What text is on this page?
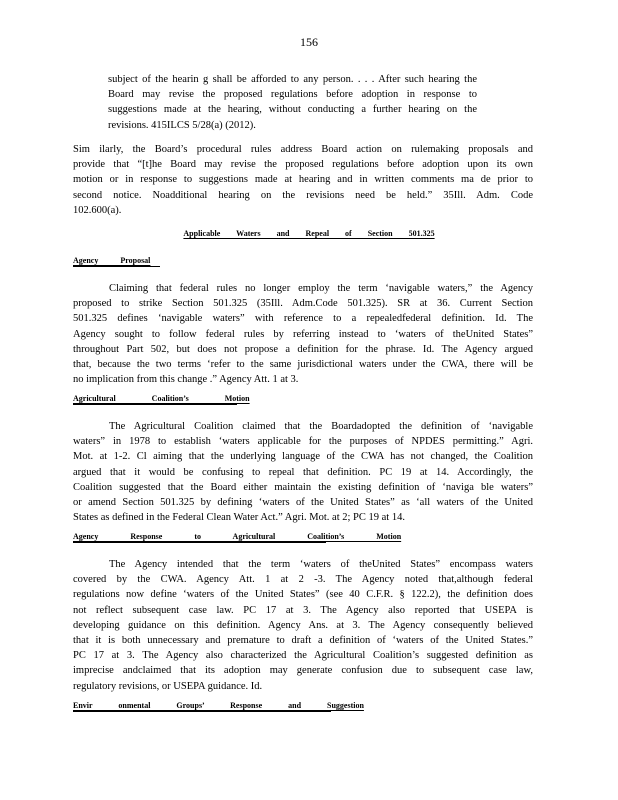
156
subject of the hearin g shall be afforded to any person. . . . After such hearing the
Board may revise the proposed regulations before adoption in response to
suggestions made at the hearing, without conducting a further hearing on the
revisions. 415ILCS 5/28(a) (2012).
Sim ilarly, the Board’s procedural rules address Board action on rulemaking proposals and
provide that “[t]he Board may revise the proposed regulations before adoption upon its own
motion or in response to suggestions made at hearing and in written comments ma de prior to
second notice. Noadditional hearing on the revisions need be held.” 35Ill. Adm. Code
102.600(a).
Applicable Waters and Repeal of Section 501.325
Agency Proposal
Claiming that federal rules no longer employ the term ‘navigable waters,” the Agency
proposed to strike Section 501.325 (35Ill. Adm.Code 501.325). SR at 36. Current Section
501.325 defines ‘navigable waters” with reference to a repealedfederal definition. Id. The
Agency sought to follow federal rules by referring instead to ‘waters of theUnited States”
throughout Part 502, but does not propose a definition for the phrase. Id. The Agency argued
that, because the two terms ‘refer to the same jurisdictional waters under the CWA, there will be
no implication from this change .” Agency Att. 1 at 3.
Agricultural Coalition’s Motion
The Agricultural Coalition claimed that the Boardadopted the definition of ‘navigable
waters” in 1978 to establish ‘waters applicable for the purposes of NPDES permitting.” Agri.
Mot. at 1-2. Cl aiming that the underlying language of the CWA has not changed, the Coalition
argued that it would be confusing to repeal that definition. PC 19 at 14. Accordingly, the
Coalition suggested that the Board either maintain the existing definition of ‘naviga ble waters”
or amend Section 501.325 by defining ‘waters of the United States” as ‘all waters of the United
States as defined in the Federal Clean Water Act.” Agri. Mot. at 2; PC 19 at 14.
Agency Response to Agricultural Coalition’s Motion
The Agency intended that the term ‘waters of theUnited States” encompass waters
covered by the CWA. Agency Att. 1 at 2 -3. The Agency noted that,although federal
regulations now define ‘waters of the United States” (see 40 C.F.R. § 122.2), the definition does
not reflect subsequent case law. PC 17 at 3. The Agency also reported that USEPA is
developing guidance on this definition. Agency Ans. at 3. The Agency consequently believed
that it is both unnecessary and premature to draft a definition of ‘waters of the United States.”
PC 17 at 3. The Agency also characterized the Agricultural Coalition’s suggested definition as
imprecise andclaimed that its adoption may generate confusion due to subsequent case law,
regulatory revisions, or USEPA guidance. Id.
Envir onmental Groups’ Response and Suggestion
